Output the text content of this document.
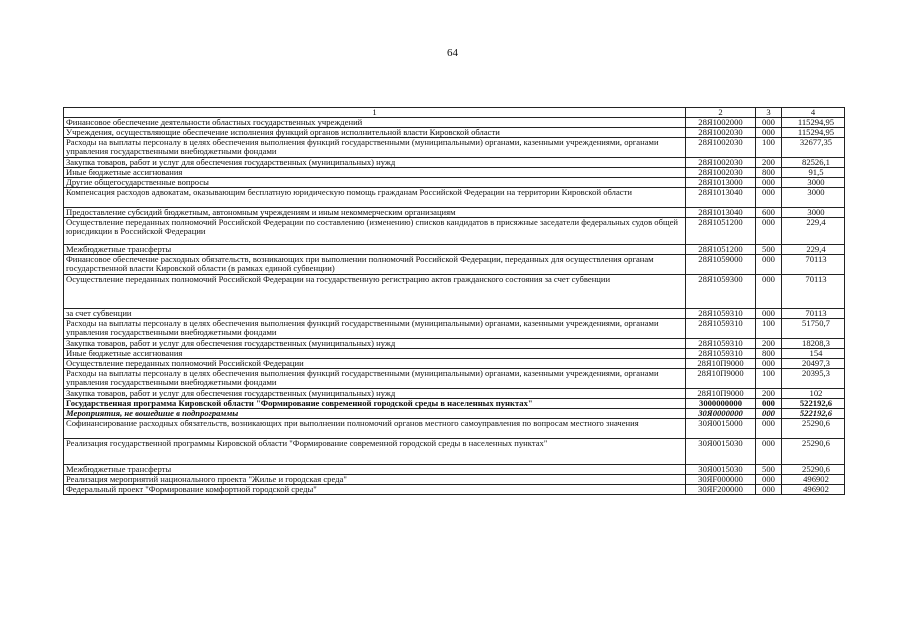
64
1	2	3	4
Финансовое обеспечение деятельности областных государственных учреждений	28Я1002000	000	115294,95
Учреждения, осуществляющие обеспечение исполнения функций органов исполнительной власти Кировской области	28Я1002030	000	115294,95
Расходы на выплаты персоналу в целях обеспечения выполнения функций государственными (муниципальными) органами, казенными учреждениями, органами управления государственными внебюджетными фондами	28Я1002030	100	32677,35
Закупка товаров, работ и услуг для обеспечения государственных (муниципальных) нужд	28Я1002030	200	82526,1
Иные бюджетные ассигнования	28Я1002030	800	91,5
Другие общегосударственные вопросы	28Я1013000	000	3000
Компенсация расходов адвокатам, оказывающим бесплатную юридическую помощь гражданам Российской Федерации на территории Кировской области	28Я1013040	000	3000
Предоставление субсидий бюджетным, автономным учреждениям и иным некоммерческим организациям	28Я1013040	600	3000
Осуществление переданных полномочий Российской Федерации по составлению (изменению) списков кандидатов в присяжные заседатели федеральных судов общей юрисдикции в Российской Федерации	28Я1051200	000	229,4
Межбюджетные трансферты	28Я1051200	500	229,4
Финансовое обеспечение расходных обязательств, возникающих при выполнении полномочий Российской Федерации, переданных для осуществления органам государственной власти Кировской области (в рамках единой субвенции)	28Я1059000	000	70113
Осуществление переданных полномочий Российской Федерации на государственную регистрацию актов гражданского состояния за счет субвенции	28Я1059300	000	70113
за счет субвенции	28Я1059310	000	70113
Расходы на выплаты персоналу в целях обеспечения выполнения функций государственными (муниципальными) органами, казенными учреждениями, органами управления государственными внебюджетными фондами	28Я1059310	100	51750,7
Закупка товаров, работ и услуг для обеспечения государственных (муниципальных) нужд	28Я1059310	200	18208,3
Иные бюджетные ассигнования	28Я1059310	800	154
Осуществление переданных полномочий Российской Федерации	28Я10П9000	000	20497,3
Расходы на выплаты персоналу в целях обеспечения выполнения функций государственными (муниципальными) органами, казенными учреждениями, органами управления государственными внебюджетными фондами	28Я10П9000	100	20395,3
Закупка товаров, работ и услуг для обеспечения государственных (муниципальных) нужд	28Я10П9000	200	102
Государственная программа Кировской области "Формирование современной городской среды в населенных пунктах"	3000000000	000	522192,6
Мероприятия, не вошедшие в подпрограммы	30Я0000000	000	522192,6
Софинансирование расходных обязательств, возникающих при выполнении полномочий органов местного самоуправления по вопросам местного значения	30Я0015000	000	25290,6
Реализация государственной программы Кировской области "Формирование современной городской среды в населенных пунктах"	30Я0015030	000	25290,6
Межбюджетные трансферты	30Я0015030	500	25290,6
Реализация мероприятий национального проекта "Жилье и городская среда"	30ЯF000000	000	496902
Федеральный проект "Формирование комфортной городской среды"	30ЯF200000	000	496902
